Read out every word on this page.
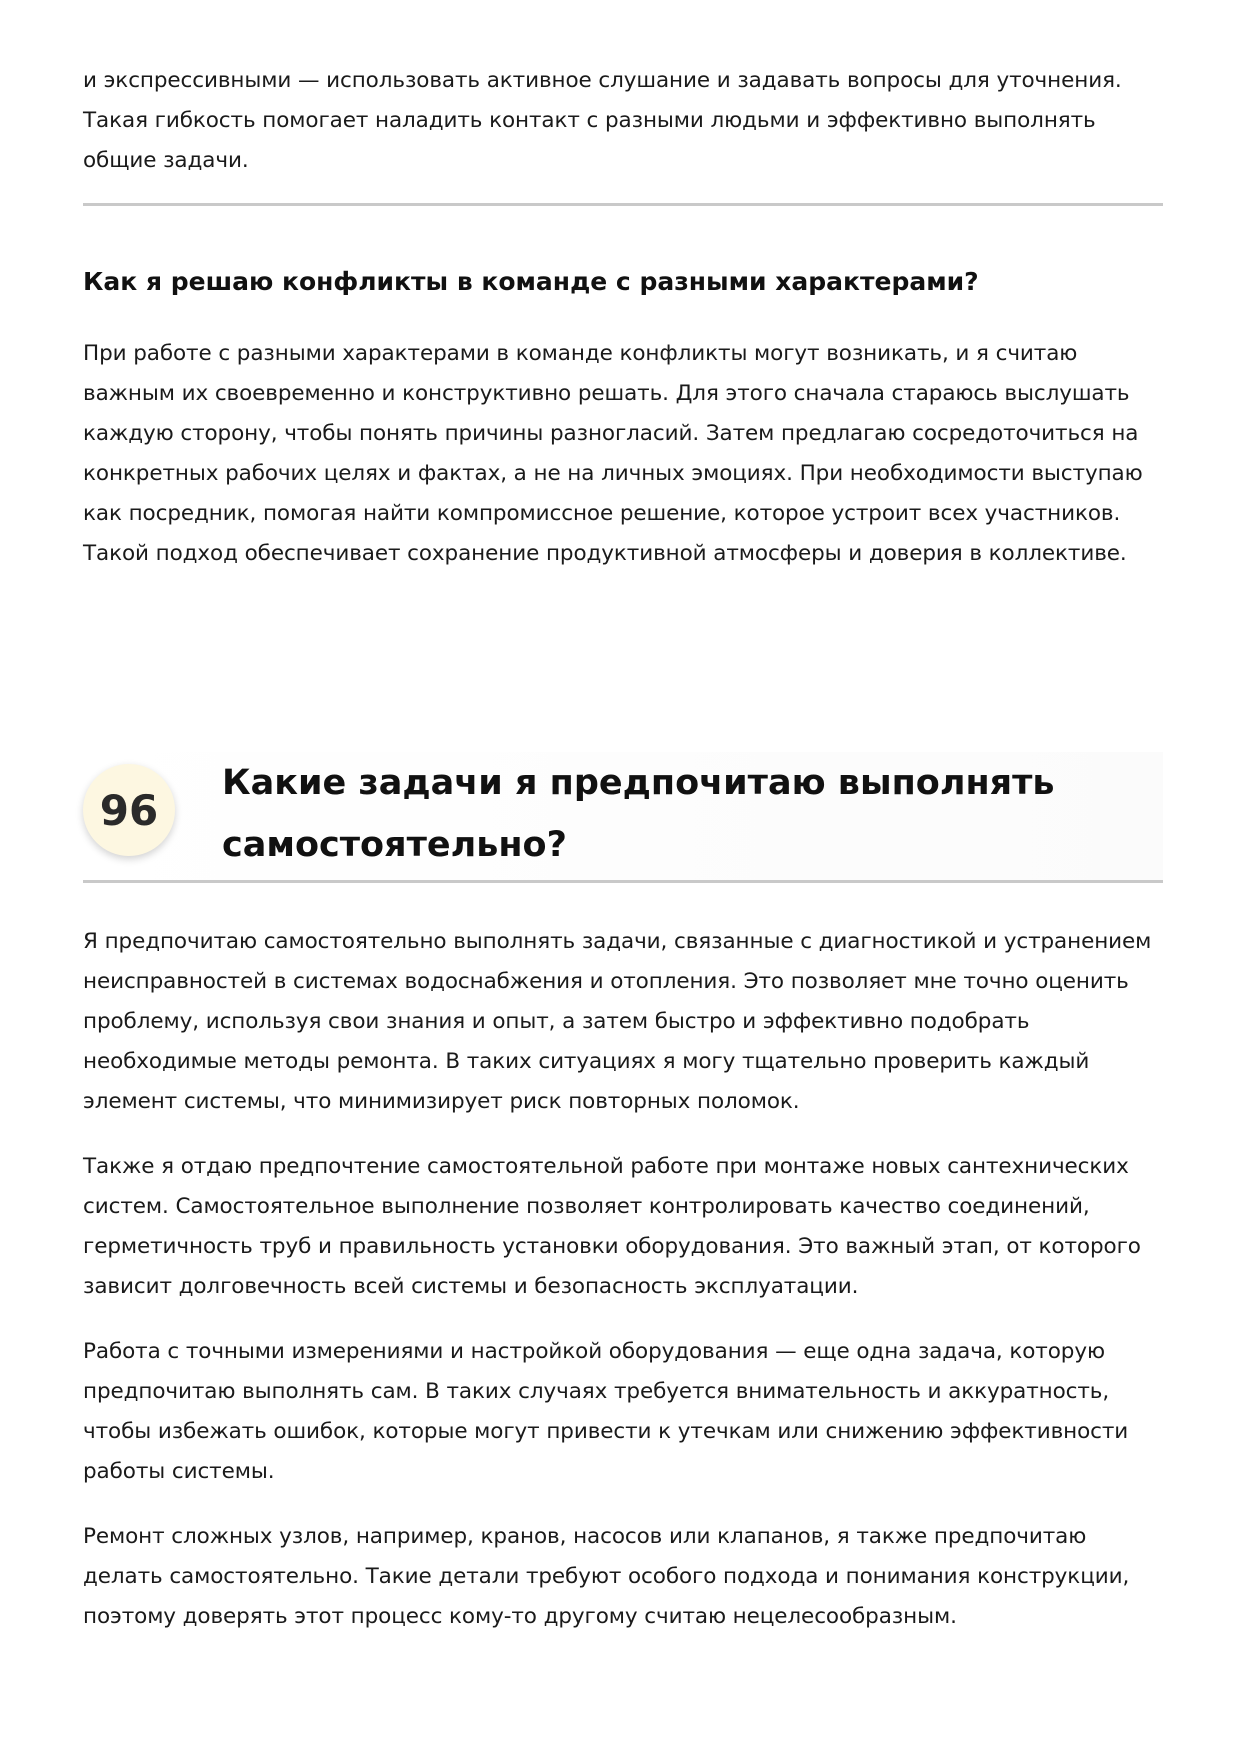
и экспрессивными — использовать активное слушание и задавать вопросы для уточнения. Такая гибкость помогает наладить контакт с разными людьми и эффективно выполнять общие задачи.

Как я решаю конфликты в команде с разными характерами?

При работе с разными характерами в команде конфликты могут возникать, и я считаю важным их своевременно и конструктивно решать. Для этого сначала стараюсь выслушать каждую сторону, чтобы понять причины разногласий. Затем предлагаю сосредоточиться на конкретных рабочих целях и фактах, а не на личных эмоциях. При необходимости выступаю как посредник, помогая найти компромиссное решение, которое устроит всех участников. Такой подход обеспечивает сохранение продуктивной атмосферы и доверия в коллективе.

96
Какие задачи я предпочитаю выполнять самостоятельно?

Я предпочитаю самостоятельно выполнять задачи, связанные с диагностикой и устранением неисправностей в системах водоснабжения и отопления. Это позволяет мне точно оценить проблему, используя свои знания и опыт, а затем быстро и эффективно подобрать необходимые методы ремонта. В таких ситуациях я могу тщательно проверить каждый элемент системы, что минимизирует риск повторных поломок.

Также я отдаю предпочтение самостоятельной работе при монтаже новых сантехнических систем. Самостоятельное выполнение позволяет контролировать качество соединений, герметичность труб и правильность установки оборудования. Это важный этап, от которого зависит долговечность всей системы и безопасность эксплуатации.

Работа с точными измерениями и настройкой оборудования — еще одна задача, которую предпочитаю выполнять сам. В таких случаях требуется внимательность и аккуратность, чтобы избежать ошибок, которые могут привести к утечкам или снижению эффективности работы системы.

Ремонт сложных узлов, например, кранов, насосов или клапанов, я также предпочитаю делать самостоятельно. Такие детали требуют особого подхода и понимания конструкции, поэтому доверять этот процесс кому-то другому считаю нецелесообразным.
